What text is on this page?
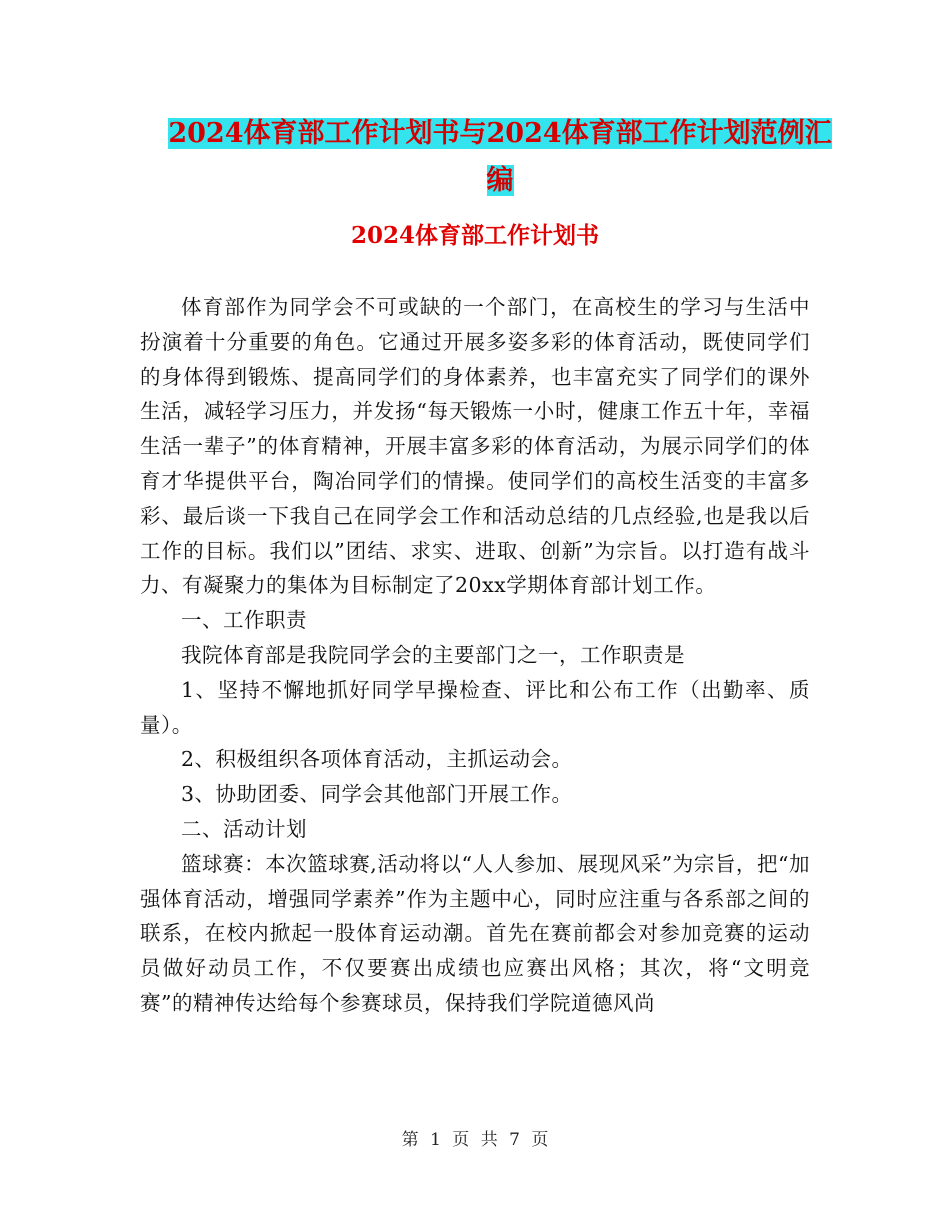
2024体育部工作计划书与2024体育部工作计划范例汇
编
2024体育部工作计划书

体育部作为同学会不可或缺的一个部门，在高校生的学习与生活中扮演着十分重要的角色。它通过开展多姿多彩的体育活动，既使同学们的身体得到锻炼、提高同学们的身体素养，也丰富充实了同学们的课外生活，减轻学习压力，并发扬“每天锻炼一小时，健康工作五十年，幸福生活一辈子”的体育精神，开展丰富多彩的体育活动，为展示同学们的体育才华提供平台，陶冶同学们的情操。使同学们的高校生活变的丰富多彩、最后谈一下我自己在同学会工作和活动总结的几点经验,也是我以后工作的目标。我们以”团结、求实、进取、创新”为宗旨。以打造有战斗力、有凝聚力的集体为目标制定了20xx学期体育部计划工作。

一、工作职责

我院体育部是我院同学会的主要部门之一，工作职责是

1、坚持不懈地抓好同学早操检查、评比和公布工作（出勤率、质量）。

2、积极组织各项体育活动，主抓运动会。

3、协助团委、同学会其他部门开展工作。

二、活动计划

篮球赛：本次篮球赛,活动将以“人人参加、展现风采”为宗旨，把“加强体育活动，增强同学素养”作为主题中心，同时应注重与各系部之间的联系，在校内掀起一股体育运动潮。首先在赛前都会对参加竞赛的运动员做好动员工作，不仅要赛出成绩也应赛出风格；其次，将“文明竞赛”的精神传达给每个参赛球员，保持我们学院道德风尚

第 1 页 共 7 页
